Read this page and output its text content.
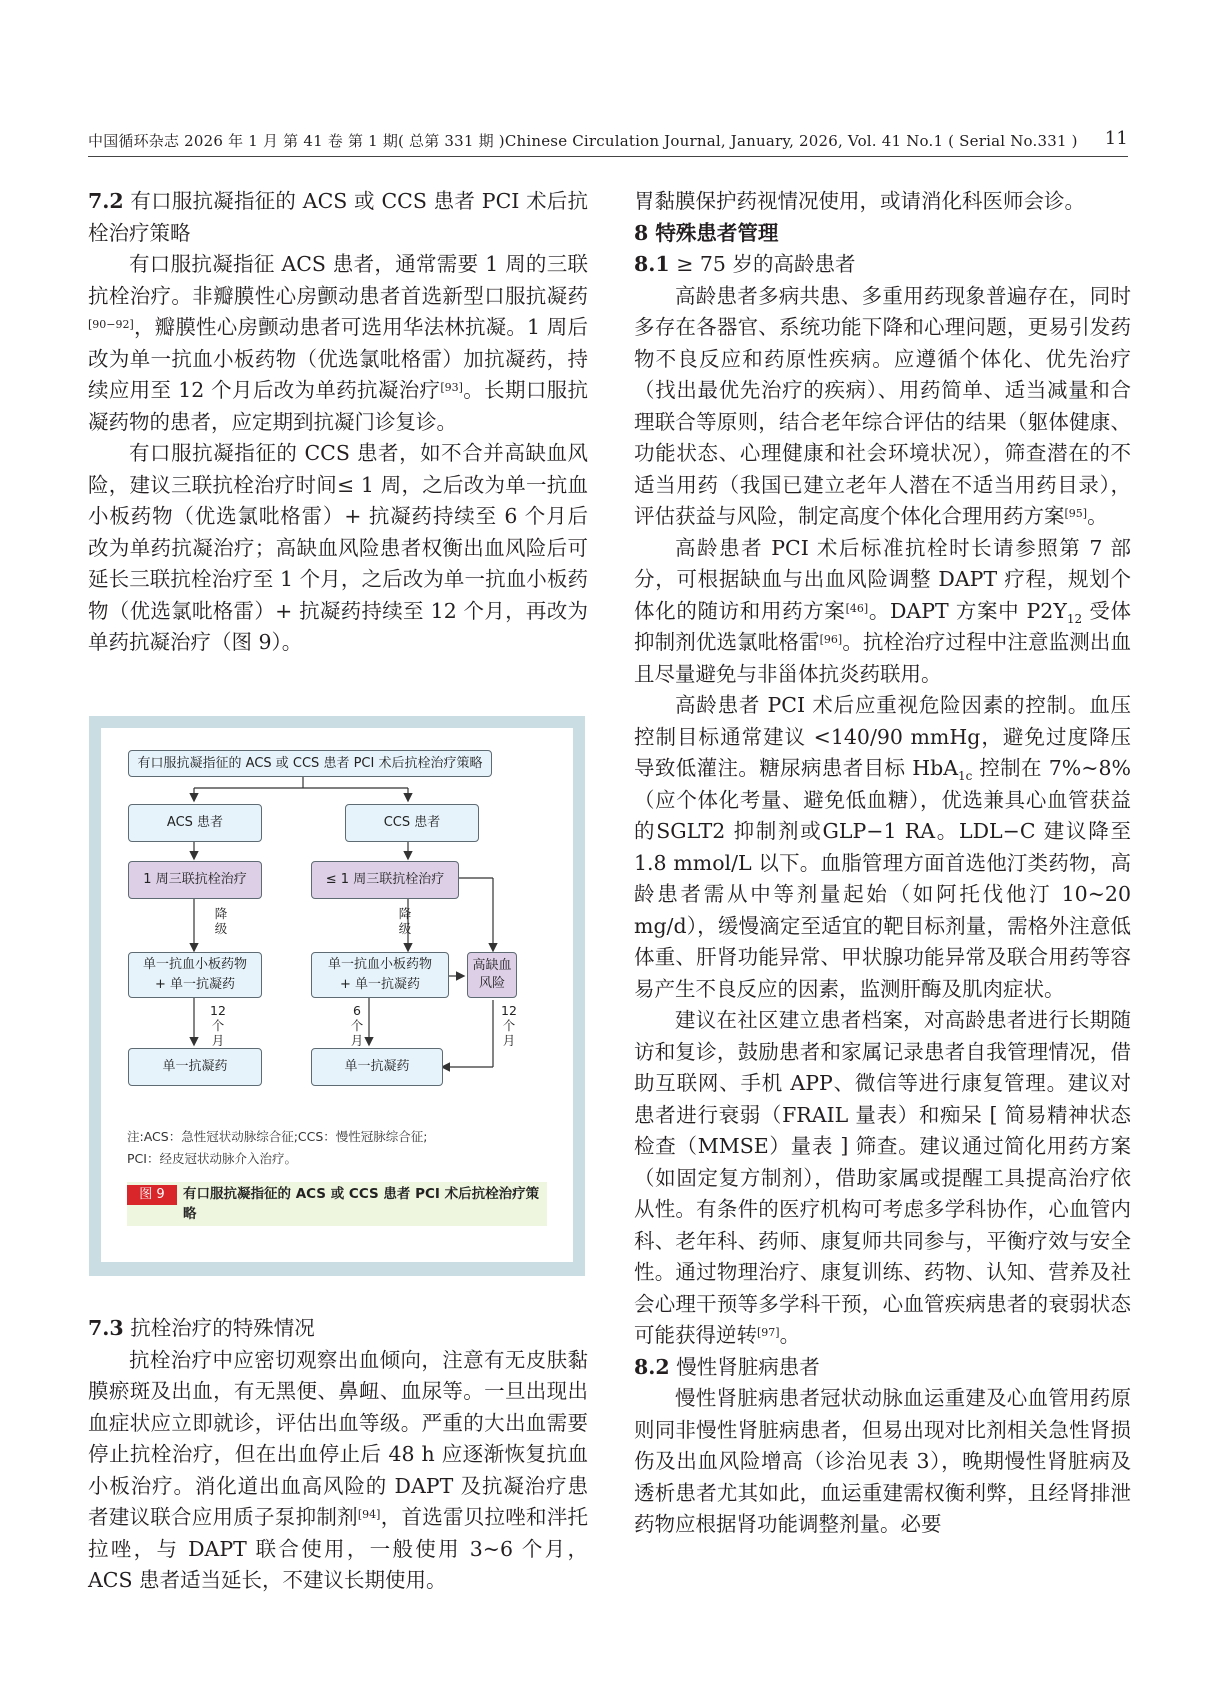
中国循环杂志 2026 年 1 月 第 41 卷 第 1 期( 总第 331 期 )Chinese Circulation Journal, January, 2026, Vol. 41 No.1 ( Serial No.331 ) 11

7.2 有口服抗凝指征的 ACS 或 CCS 患者 PCI 术后抗栓治疗策略

有口服抗凝指征 ACS 患者，通常需要 1 周的三联抗栓治疗。非瓣膜性心房颤动患者首选新型口服抗凝药[90−92]，瓣膜性心房颤动患者可选用华法林抗凝。1 周后改为单一抗血小板药物（优选氯吡格雷）加抗凝药，持续应用至 12 个月后改为单药抗凝治疗[93]。长期口服抗凝药物的患者，应定期到抗凝门诊复诊。

有口服抗凝指征的 CCS 患者，如不合并高缺血风险，建议三联抗栓治疗时间≤ 1 周，之后改为单一抗血小板药物（优选氯吡格雷）+ 抗凝药持续至 6 个月后改为单药抗凝治疗；高缺血风险患者权衡出血风险后可延长三联抗栓治疗至 1 个月，之后改为单一抗血小板药物（优选氯吡格雷）+ 抗凝药持续至 12 个月，再改为单药抗凝治疗（图 9）。

有口服抗凝指征的 ACS 或 CCS 患者 PCI 术后抗栓治疗策略
ACS 患者	CCS 患者
1 周三联抗栓治疗	≤ 1 周三联抗栓治疗
降级
降级
单一抗血小板药物
+ 单一抗凝药
单一抗血小板药物
+ 单一抗凝药
高缺血风险
12个月
6个月
12个月
单一抗凝药	单一抗凝药
注:ACS：急性冠状动脉综合征;CCS：慢性冠脉综合征;
PCI：经皮冠状动脉介入治疗。
图 9	有口服抗凝指征的 ACS 或 CCS 患者 PCI 术后抗栓治疗策略

7.3 抗栓治疗的特殊情况

抗栓治疗中应密切观察出血倾向，注意有无皮肤黏膜瘀斑及出血，有无黑便、鼻衄、血尿等。一旦出现出血症状应立即就诊，评估出血等级。严重的大出血需要停止抗栓治疗，但在出血停止后 48 h 应逐渐恢复抗血小板治疗。消化道出血高风险的 DAPT 及抗凝治疗患者建议联合应用质子泵抑制剂[94]，首选雷贝拉唑和泮托拉唑，与 DAPT 联合使用，一般使用 3~6 个月，ACS 患者适当延长，不建议长期使用。

胃黏膜保护药视情况使用，或请消化科医师会诊。

8 特殊患者管理

8.1 ≥ 75 岁的高龄患者

高龄患者多病共患、多重用药现象普遍存在，同时多存在各器官、系统功能下降和心理问题，更易引发药物不良反应和药原性疾病。应遵循个体化、优先治疗（找出最优先治疗的疾病）、用药简单、适当减量和合理联合等原则，结合老年综合评估的结果（躯体健康、功能状态、心理健康和社会环境状况），筛查潜在的不适当用药（我国已建立老年人潜在不适当用药目录），评估获益与风险，制定高度个体化合理用药方案[95]。

高龄患者 PCI 术后标准抗栓时长请参照第 7 部分，可根据缺血与出血风险调整 DAPT 疗程，规划个体化的随访和用药方案[46]。DAPT 方案中 $P2Y_{12}$ 受体抑制剂优选氯吡格雷[96]。抗栓治疗过程中注意监测出血且尽量避免与非甾体抗炎药联用。

高龄患者 PCI 术后应重视危险因素的控制。血压控制目标通常建议 <140/90 mmHg，避免过度降压导致低灌注。糖尿病患者目标 HbA$_{1c}$ 控制在 7%~8%（应个体化考量、避免低血糖），优选兼具心血管获益的SGLT2 抑制剂或GLP−1 RA。LDL−C 建议降至 1.8 mmol/L 以下。血脂管理方面首选他汀类药物，高龄患者需从中等剂量起始（如阿托伐他汀 10~20 mg/d），缓慢滴定至适宜的靶目标剂量，需格外注意低体重、肝肾功能异常、甲状腺功能异常及联合用药等容易产生不良反应的因素，监测肝酶及肌肉症状。

建议在社区建立患者档案，对高龄患者进行长期随访和复诊，鼓励患者和家属记录患者自我管理情况，借助互联网、手机 APP、微信等进行康复管理。建议对患者进行衰弱（FRAIL 量表）和痴呆 [ 简易精神状态检查（MMSE）量表 ] 筛查。建议通过简化用药方案（如固定复方制剂），借助家属或提醒工具提高治疗依从性。有条件的医疗机构可考虑多学科协作，心血管内科、老年科、药师、康复师共同参与，平衡疗效与安全性。通过物理治疗、康复训练、药物、认知、营养及社会心理干预等多学科干预，心血管疾病患者的衰弱状态可能获得逆转[97]。

8.2 慢性肾脏病患者

慢性肾脏病患者冠状动脉血运重建及心血管用药原则同非慢性肾脏病患者，但易出现对比剂相关急性肾损伤及出血风险增高（诊治见表 3），晚期慢性肾脏病及透析患者尤其如此，血运重建需权衡利弊，且经肾排泄药物应根据肾功能调整剂量。必要
